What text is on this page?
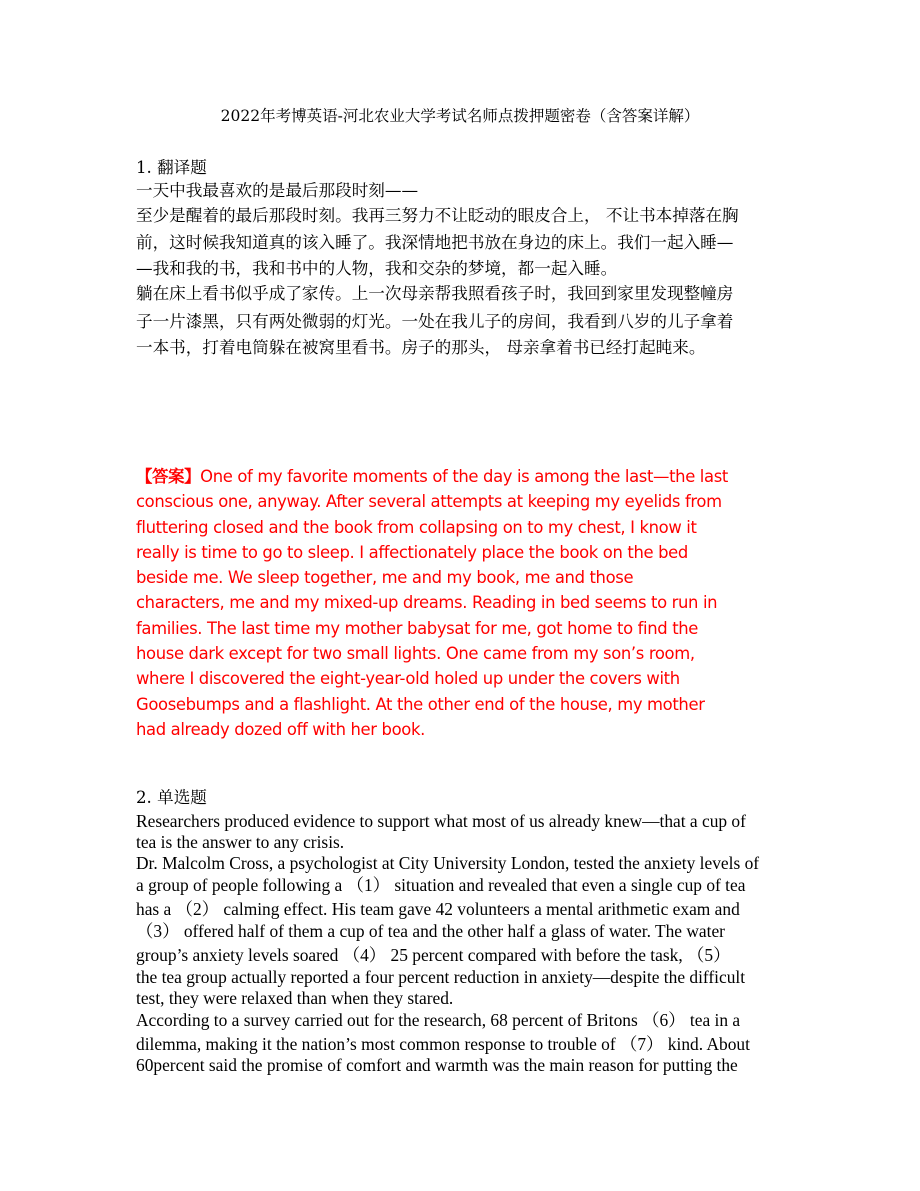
2022年考博英语-河北农业大学考试名师点拨押题密卷（含答案详解）
1. 翻译题
一天中我最喜欢的是最后那段时刻——
至少是醒着的最后那段时刻。我再三努力不让眨动的眼皮合上， 不让书本掉落在胸
前，这时候我知道真的该入睡了。我深情地把书放在身边的床上。我们一起入睡—
—我和我的书，我和书中的人物，我和交杂的梦境，都一起入睡。
躺在床上看书似乎成了家传。上一次母亲帮我照看孩子时，我回到家里发现整幢房
子一片漆黑，只有两处微弱的灯光。一处在我儿子的房间，我看到八岁的儿子拿着
一本书，打着电筒躲在被窝里看书。房子的那头， 母亲拿着书已经打起盹来。
【答案】One of my favorite moments of the day is among the last—the last
conscious one, anyway. After several attempts at keeping my eyelids from
fluttering closed and the book from collapsing on to my chest, I know it
really is time to go to sleep. I affectionately place the book on the bed
beside me. We sleep together, me and my book, me and those
characters, me and my mixed-up dreams. Reading in bed seems to run in
families. The last time my mother babysat for me, got home to find the
house dark except for two small lights. One came from my son’s room,
where I discovered the eight-year-old holed up under the covers with
Goosebumps and a flashlight. At the other end of the house, my mother
had already dozed off with her book.
2. 单选题
Researchers produced evidence to support what most of us already knew—that a cup of
tea is the answer to any crisis.
Dr. Malcolm Cross, a psychologist at City University London, tested the anxiety levels of
a group of people following a （1） situation and revealed that even a single cup of tea
has a （2） calming effect. His team gave 42 volunteers a mental arithmetic exam and
（3） offered half of them a cup of tea and the other half a glass of water. The water
group’s anxiety levels soared （4） 25 percent compared with before the task, （5）
the tea group actually reported a four percent reduction in anxiety—despite the difficult
test, they were relaxed than when they stared.
According to a survey carried out for the research, 68 percent of Britons （6） tea in a
dilemma, making it the nation’s most common response to trouble of （7） kind. About
60percent said the promise of comfort and warmth was the main reason for putting the
